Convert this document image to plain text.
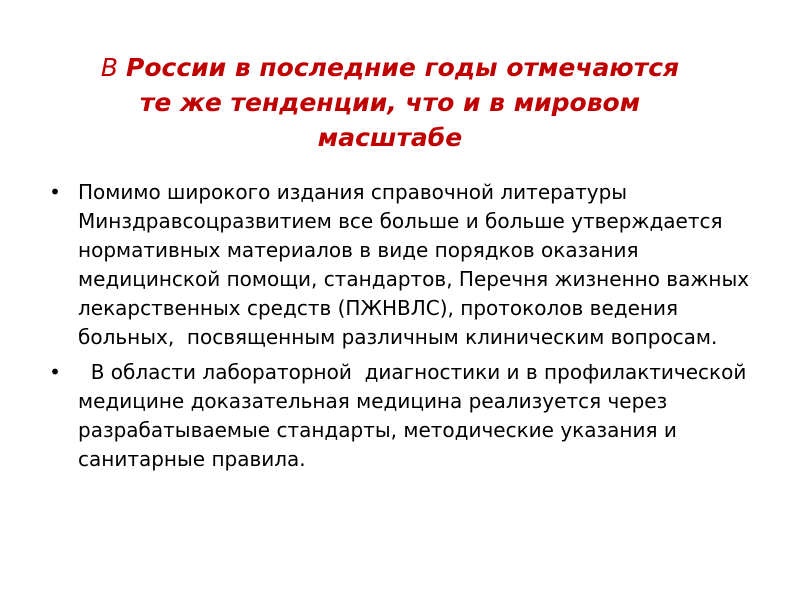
В России в последние годы отмечаются те же тенденции, что и в мировом масштабе
• Помимо широкого издания справочной литературы Минздравсоцразвитием все больше и больше утверждается нормативных материалов в виде порядков оказания медицинской помощи, стандартов, Перечня жизненно важных лекарственных средств (ПЖНВЛС), протоколов ведения больных,  посвященным различным клиническим вопросам.
• В области лабораторной  диагностики и в профилактической  медицине доказательная медицина реализуется через разрабатываемые стандарты, методические указания и санитарные правила.
